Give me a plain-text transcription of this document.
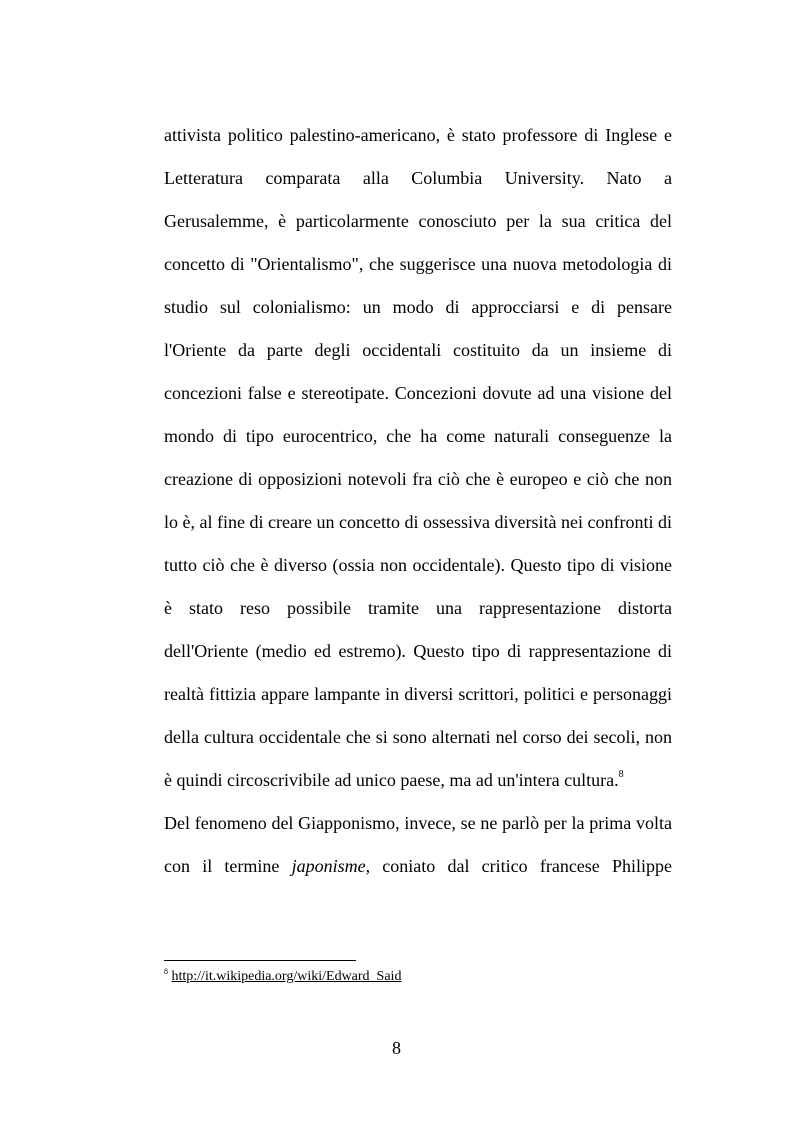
attivista politico palestino-americano, è stato professore di Inglese e Letteratura comparata alla Columbia University. Nato a Gerusalemme, è particolarmente conosciuto per la sua critica del concetto di "Orientalismo", che suggerisce una nuova metodologia di studio sul colonialismo: un modo di approcciarsi e di pensare l'Oriente da parte degli occidentali costituito da un insieme di concezioni false e stereotipate. Concezioni dovute ad una visione del mondo di tipo eurocentrico, che ha come naturali conseguenze la creazione di opposizioni notevoli fra ciò che è europeo e ciò che non lo è, al fine di creare un concetto di ossessiva diversità nei confronti di tutto ciò che è diverso (ossia non occidentale). Questo tipo di visione è stato reso possibile tramite una rappresentazione distorta dell'Oriente (medio ed estremo). Questo tipo di rappresentazione di realtà fittizia appare lampante in diversi scrittori, politici e personaggi della cultura occidentale che si sono alternati nel corso dei secoli, non è quindi circoscrivibile ad unico paese, ma ad un'intera cultura.$^8$

Del fenomeno del Giapponismo, invece, se ne parlò per la prima volta con il termine japonisme, coniato dal critico francese Philippe

$^8$ http://it.wikipedia.org/wiki/Edward_Said
8
